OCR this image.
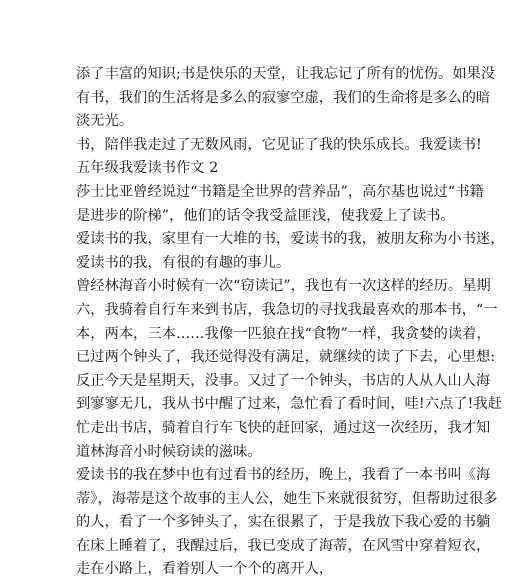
添了丰富的知识;书是快乐的天堂，让我忘记了所有的忧伤。如果没
有书，我们的生活将是多么的寂寥空虚，我们的生命将是多么的暗
淡无光。
书，陪伴我走过了无数风雨，它见证了我的快乐成长。我爱读书!
五年级我爱读书作文 2
莎士比亚曾经说过“书籍是全世界的营养品”，高尔基也说过“书籍
是进步的阶梯”，他们的话令我受益匪浅，使我爱上了读书。
爱读书的我，家里有一大堆的书，爱读书的我，被朋友称为小书迷，
爱读书的我，有很的有趣的事儿。
曾经林海音小时候有一次“窃读记”，我也有一次这样的经历。星期
六，我骑着自行车来到书店，我急切的寻找我最喜欢的那本书，“一
本，两本，三本……我像一匹狼在找“食物”一样，我贪婪的读着，
已过两个钟头了，我还觉得没有满足，就继续的读了下去，心里想:
反正今天是星期天，没事。又过了一个钟头，书店的人从人山人海
到寥寥无几，我从书中醒了过来，急忙看了看时间，哇!六点了!我赶
忙走出书店，骑着自行车飞快的赶回家，通过这一次经历，我才知
道林海音小时候窃读的滋味。
爱读书的我在梦中也有过看书的经历，晚上，我看了一本书叫《海
蒂》，海蒂是这个故事的主人公，她生下来就很贫穷，但帮助过很多
的人，看了一个多钟头了，实在很累了，于是我放下我心爱的书躺
在床上睡着了，我醒过后，我已变成了海蒂，在风雪中穿着短衣，
走在小路上，看着别人一个个的离开人，
